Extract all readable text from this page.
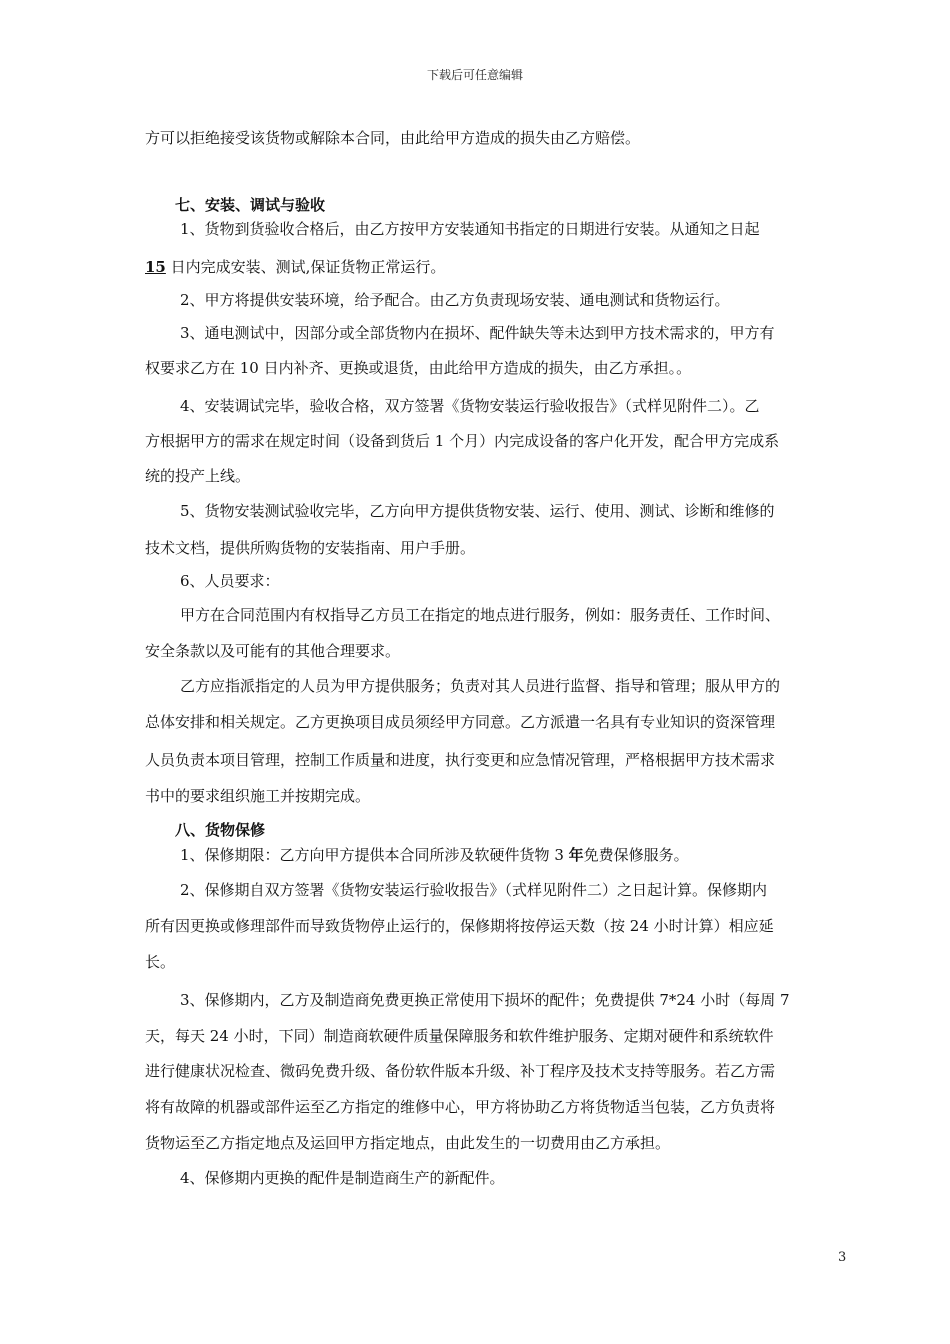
下载后可任意编辑
方可以拒绝接受该货物或解除本合同，由此给甲方造成的损失由乙方赔偿。
七、安装、调试与验收
1、货物到货验收合格后，由乙方按甲方安装通知书指定的日期进行安装。从通知之日起
15 日内完成安装、测试,保证货物正常运行。
2、甲方将提供安装环境，给予配合。由乙方负责现场安装、通电测试和货物运行。
3、通电测试中，因部分或全部货物内在损坏、配件缺失等未达到甲方技术需求的，甲方有
权要求乙方在 10 日内补齐、更换或退货，由此给甲方造成的损失，由乙方承担。。
4、安装调试完毕，验收合格，双方签署《货物安装运行验收报告》（式样见附件二）。乙
方根据甲方的需求在规定时间（设备到货后 1 个月）内完成设备的客户化开发，配合甲方完成系
统的投产上线。
5、货物安装测试验收完毕，乙方向甲方提供货物安装、运行、使用、测试、诊断和维修的
技术文档，提供所购货物的安装指南、用户手册。
6、人员要求：
甲方在合同范围内有权指导乙方员工在指定的地点进行服务，例如：服务责任、工作时间、
安全条款以及可能有的其他合理要求。
乙方应指派指定的人员为甲方提供服务；负责对其人员进行监督、指导和管理；服从甲方的
总体安排和相关规定。乙方更换项目成员须经甲方同意。乙方派遣一名具有专业知识的资深管理
人员负责本项目管理，控制工作质量和进度，执行变更和应急情况管理，严格根据甲方技术需求
书中的要求组织施工并按期完成。
八、货物保修
1、保修期限：乙方向甲方提供本合同所涉及软硬件货物 3 年免费保修服务。
2、保修期自双方签署《货物安装运行验收报告》（式样见附件二）之日起计算。保修期内
所有因更换或修理部件而导致货物停止运行的，保修期将按停运天数（按 24 小时计算）相应延
长。
3、保修期内，乙方及制造商免费更换正常使用下损坏的配件；免费提供 7*24 小时（每周 7
天，每天 24 小时，下同）制造商软硬件质量保障服务和软件维护服务、定期对硬件和系统软件
进行健康状况检查、微码免费升级、备份软件版本升级、补丁程序及技术支持等服务。若乙方需
将有故障的机器或部件运至乙方指定的维修中心，甲方将协助乙方将货物适当包装，乙方负责将
货物运至乙方指定地点及运回甲方指定地点，由此发生的一切费用由乙方承担。
4、保修期内更换的配件是制造商生产的新配件。
3
